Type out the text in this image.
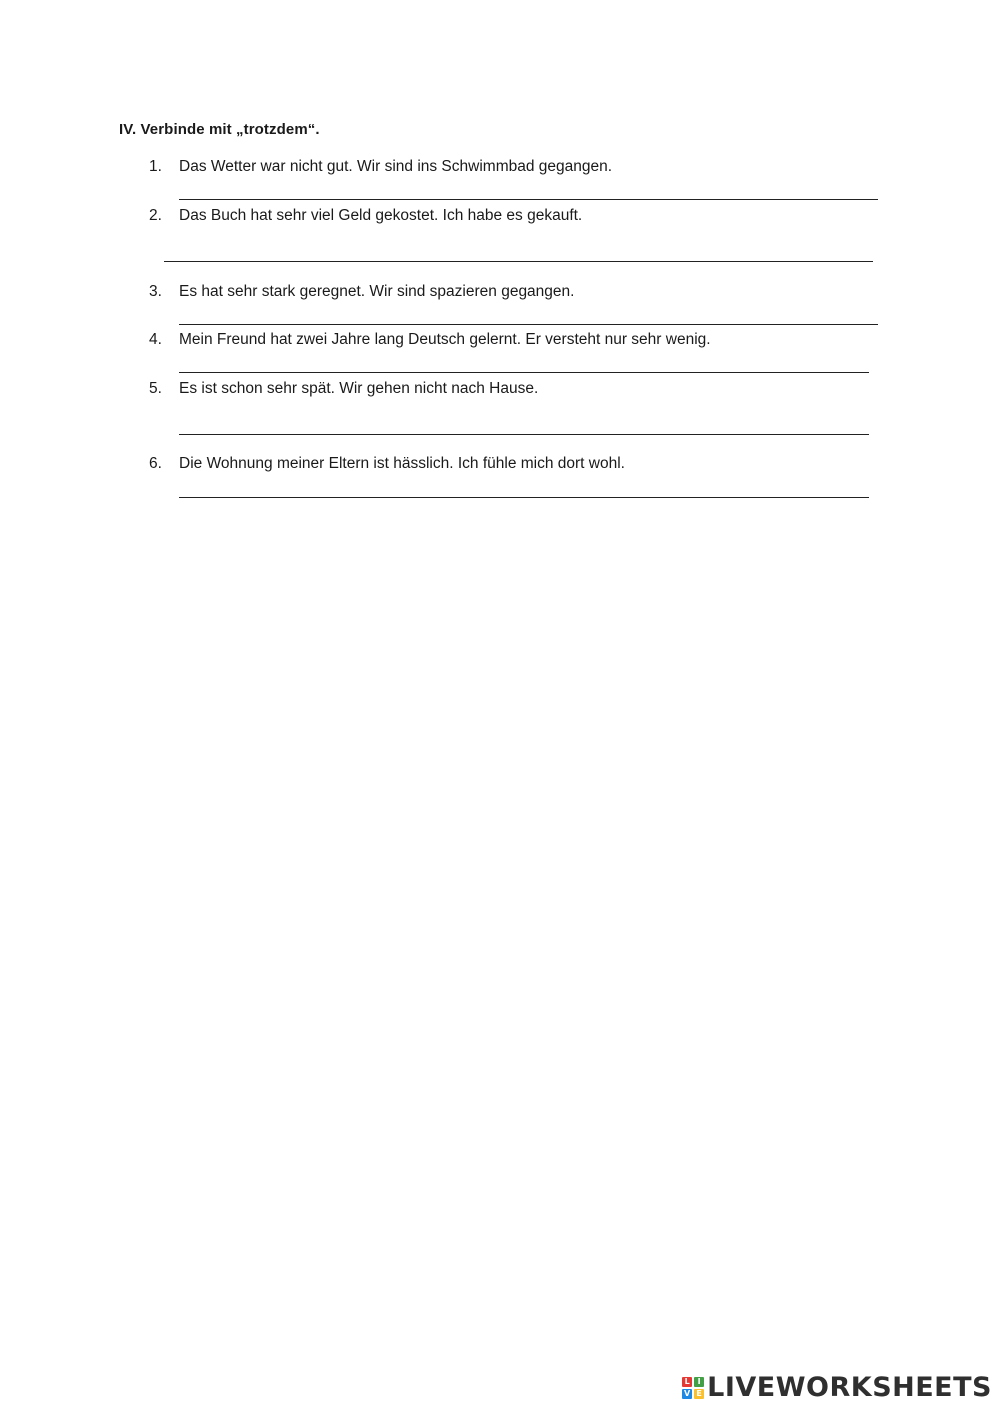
IV. Verbinde mit „trotzdem“.
1. Das Wetter war nicht gut. Wir sind ins Schwimmbad gegangen.
2. Das Buch hat sehr viel Geld gekostet. Ich habe es gekauft.
3. Es hat sehr stark geregnet. Wir sind spazieren gegangen.
4. Mein Freund hat zwei Jahre lang Deutsch gelernt. Er versteht nur sehr wenig.
5. Es ist schon sehr spät. Wir gehen nicht nach Hause.
6. Die Wohnung meiner Eltern ist hässlich. Ich fühle mich dort wohl.
L I
V E LIVEWORKSHEETS
